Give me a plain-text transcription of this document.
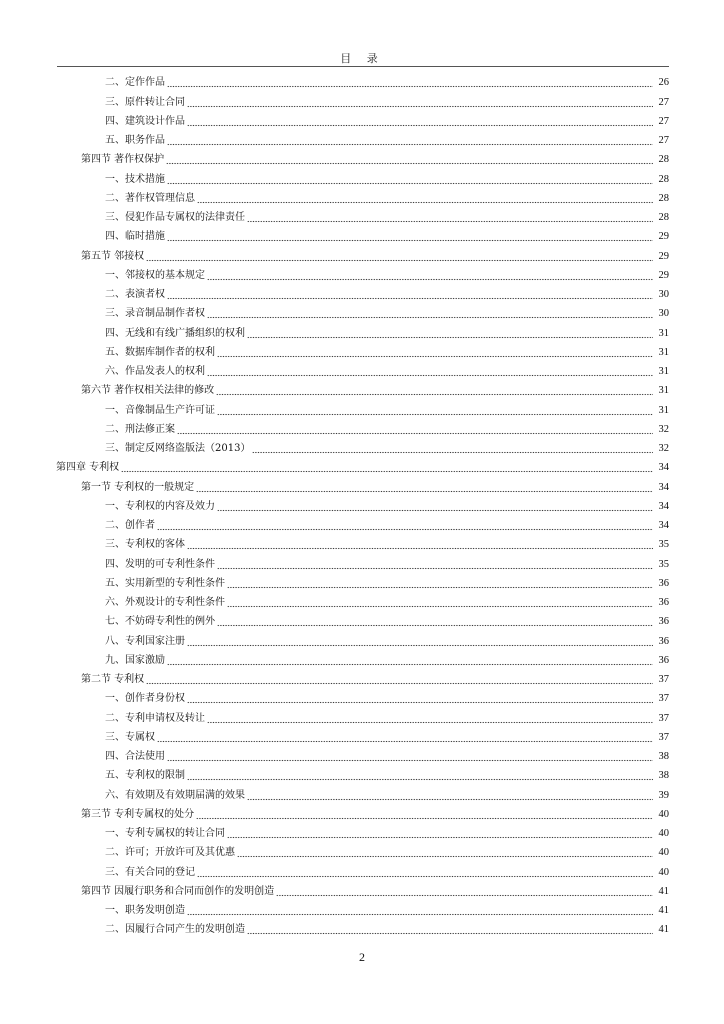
目 录
二、定作作品	26
三、原件转让合同	27
四、建筑设计作品	27
五、职务作品	27
第四节 著作权保护	28
一、技术措施	28
二、著作权管理信息	28
三、侵犯作品专属权的法律责任	28
四、临时措施	29
第五节 邻接权	29
一、邻接权的基本规定	29
二、表演者权	30
三、录音制品制作者权	30
四、无线和有线广播组织的权利	31
五、数据库制作者的权利	31
六、作品发表人的权利	31
第六节 著作权相关法律的修改	31
一、音像制品生产许可证	31
二、刑法修正案	32
三、制定反网络盗版法（2013）	32
第四章 专利权	34
第一节 专利权的一般规定	34
一、专利权的内容及效力	34
二、创作者	34
三、专利权的客体	35
四、发明的可专利性条件	35
五、实用新型的专利性条件	36
六、外观设计的专利性条件	36
七、不妨碍专利性的例外	36
八、专利国家注册	36
九、国家激励	36
第二节 专利权	37
一、创作者身份权	37
二、专利申请权及转让	37
三、专属权	37
四、合法使用	38
五、专利权的限制	38
六、有效期及有效期届满的效果	39
第三节 专利专属权的处分	40
一、专利专属权的转让合同	40
二、许可；开放许可及其优惠	40
三、有关合同的登记	40
第四节 因履行职务和合同而创作的发明创造	41
一、职务发明创造	41
二、因履行合同产生的发明创造	41
2
